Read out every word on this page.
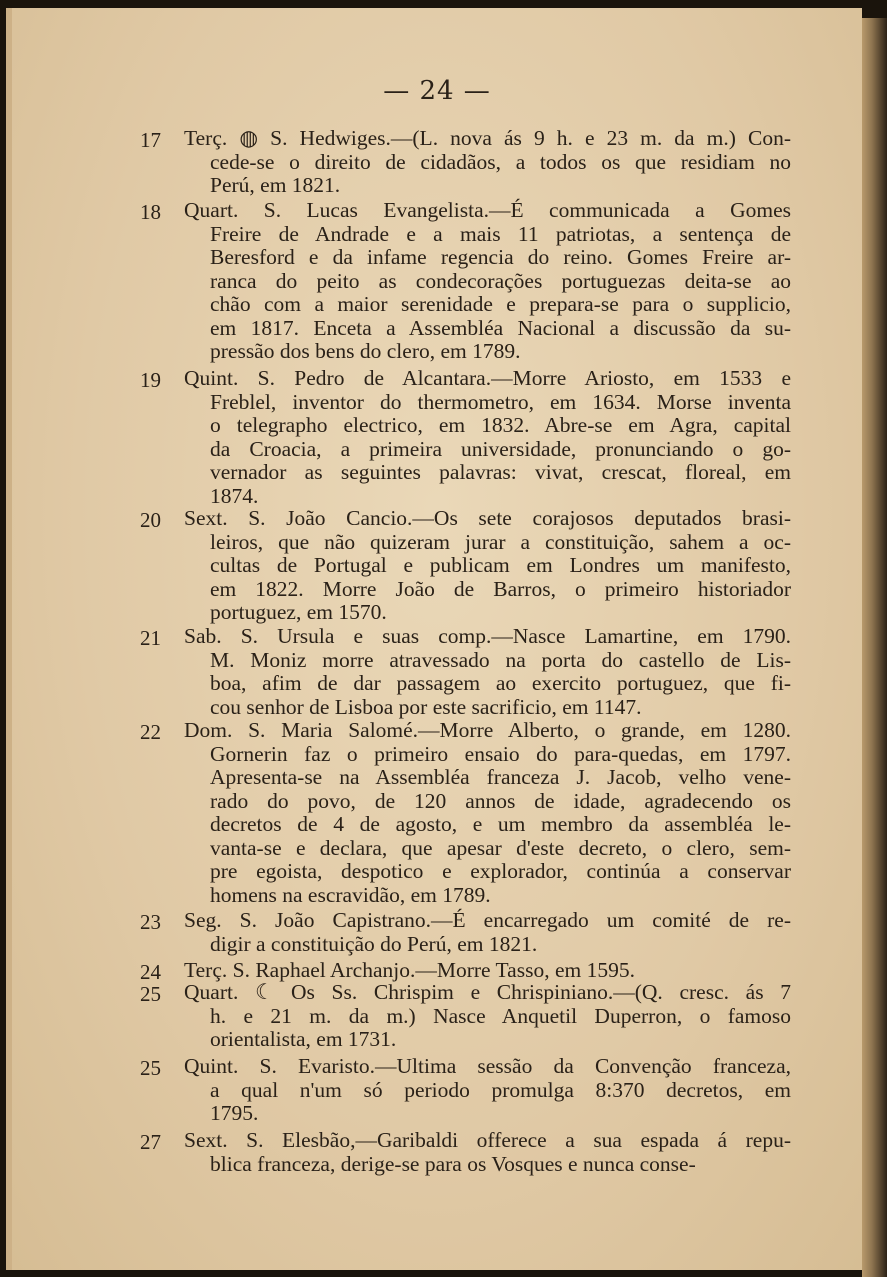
— 24 —
17 Terç. ◍ S. Hedwiges.—(L. nova ás 9 h. e 23 m. da m.) Con-
cede-se o direito de cidadãos, a todos os que residiam no
Perú, em 1821.
18 Quart. S. Lucas Evangelista.—É communicada a Gomes
Freire de Andrade e a mais 11 patriotas, a sentença de
Beresford e da infame regencia do reino. Gomes Freire ar-
ranca do peito as condecorações portuguezas deita-se ao
chão com a maior serenidade e prepara-se para o supplicio,
em 1817. Enceta a Assembléa Nacional a discussão da su-
pressão dos bens do clero, em 1789.
19 Quint. S. Pedro de Alcantara.—Morre Ariosto, em 1533 e
Freblel, inventor do thermometro, em 1634. Morse inventa
o telegrapho electrico, em 1832. Abre-se em Agra, capital
da Croacia, a primeira universidade, pronunciando o go-
vernador as seguintes palavras: vivat, crescat, floreal, em
1874.
20 Sext. S. João Cancio.—Os sete corajosos deputados brasi-
leiros, que não quizeram jurar a constituição, sahem a oc-
cultas de Portugal e publicam em Londres um manifesto,
em 1822. Morre João de Barros, o primeiro historiador
portuguez, em 1570.
21 Sab. S. Ursula e suas comp.—Nasce Lamartine, em 1790.
M. Moniz morre atravessado na porta do castello de Lis-
boa, afim de dar passagem ao exercito portuguez, que fi-
cou senhor de Lisboa por este sacrificio, em 1147.
22 Dom. S. Maria Salomé.—Morre Alberto, o grande, em 1280.
Gornerin faz o primeiro ensaio do para-quedas, em 1797.
Apresenta-se na Assembléa franceza J. Jacob, velho vene-
rado do povo, de 120 annos de idade, agradecendo os
decretos de 4 de agosto, e um membro da assembléa le-
vanta-se e declara, que apesar d'este decreto, o clero, sem-
pre egoista, despotico e explorador, continúa a conservar
homens na escravidão, em 1789.
23 Seg. S. João Capistrano.—É encarregado um comité de re-
digir a constituição do Perú, em 1821.
24 Terç. S. Raphael Archanjo.—Morre Tasso, em 1595.
25 Quart. ☾ Os Ss. Chrispim e Chrispiniano.—(Q. cresc. ás 7
h. e 21 m. da m.) Nasce Anquetil Duperron, o famoso
orientalista, em 1731.
25 Quint. S. Evaristo.—Ultima sessão da Convenção franceza,
a qual n'um só periodo promulga 8:370 decretos, em
1795.
27 Sext. S. Elesbão,—Garibaldi offerece a sua espada á repu-
blica franceza, derige-se para os Vosques e nunca conse-
